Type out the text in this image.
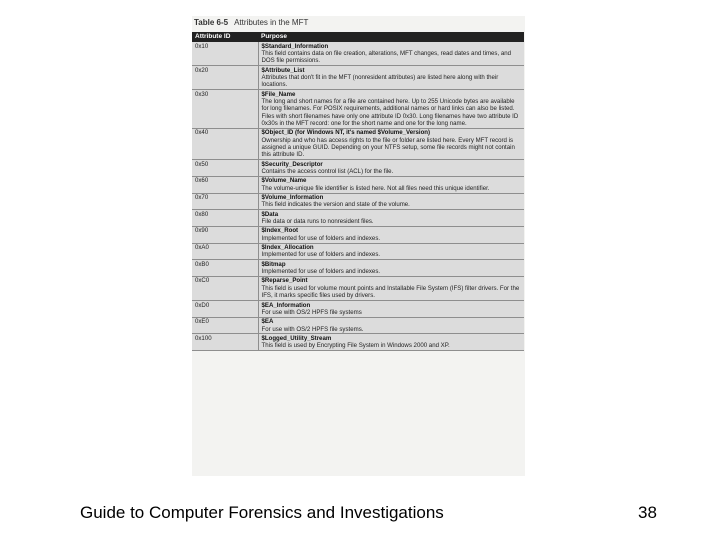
Table 6-5 Attributes in the MFT
Attribute ID	Purpose
0x10	$Standard_Information
This field contains data on file creation, alterations, MFT changes, read dates and times, and DOS file permissions.

0x20	$Attribute_List
Attributes that don't fit in the MFT (nonresident attributes) are listed here along with their locations.

0x30	$File_Name
The long and short names for a file are contained here. Up to 255 Unicode bytes are available for long filenames. For POSIX requirements, additional names or hard links can also be listed. Files with short filenames have only one attribute ID 0x30. Long filenames have two attribute ID 0x30s in the MFT record: one for the short name and one for the long name.

0x40	$Object_ID (for Windows NT, it's named $Volume_Version)
Ownership and who has access rights to the file or folder are listed here. Every MFT record is assigned a unique GUID. Depending on your NTFS setup, some file records might not contain this attribute ID.

0x50	$Security_Descriptor
Contains the access control list (ACL) for the file.

0x60	$Volume_Name
The volume-unique file identifier is listed here. Not all files need this unique identifier.

0x70	$Volume_Information
This field indicates the version and state of the volume.

0x80	$Data
File data or data runs to nonresident files.

0x90	$Index_Root
Implemented for use of folders and indexes.

0xA0	$Index_Allocation
Implemented for use of folders and indexes.

0xB0	$Bitmap
Implemented for use of folders and indexes.

0xC0	$Reparse_Point
This field is used for volume mount points and Installable File System (IFS) filter drivers. For the IFS, it marks specific files used by drivers.

0xD0	$EA_Information
For use with OS/2 HPFS file systems

0xE0	$EA
For use with OS/2 HPFS file systems.

0x100	$Logged_Utility_Stream
This field is used by Encrypting File System in Windows 2000 and XP.
Guide to Computer Forensics and Investigations	38
